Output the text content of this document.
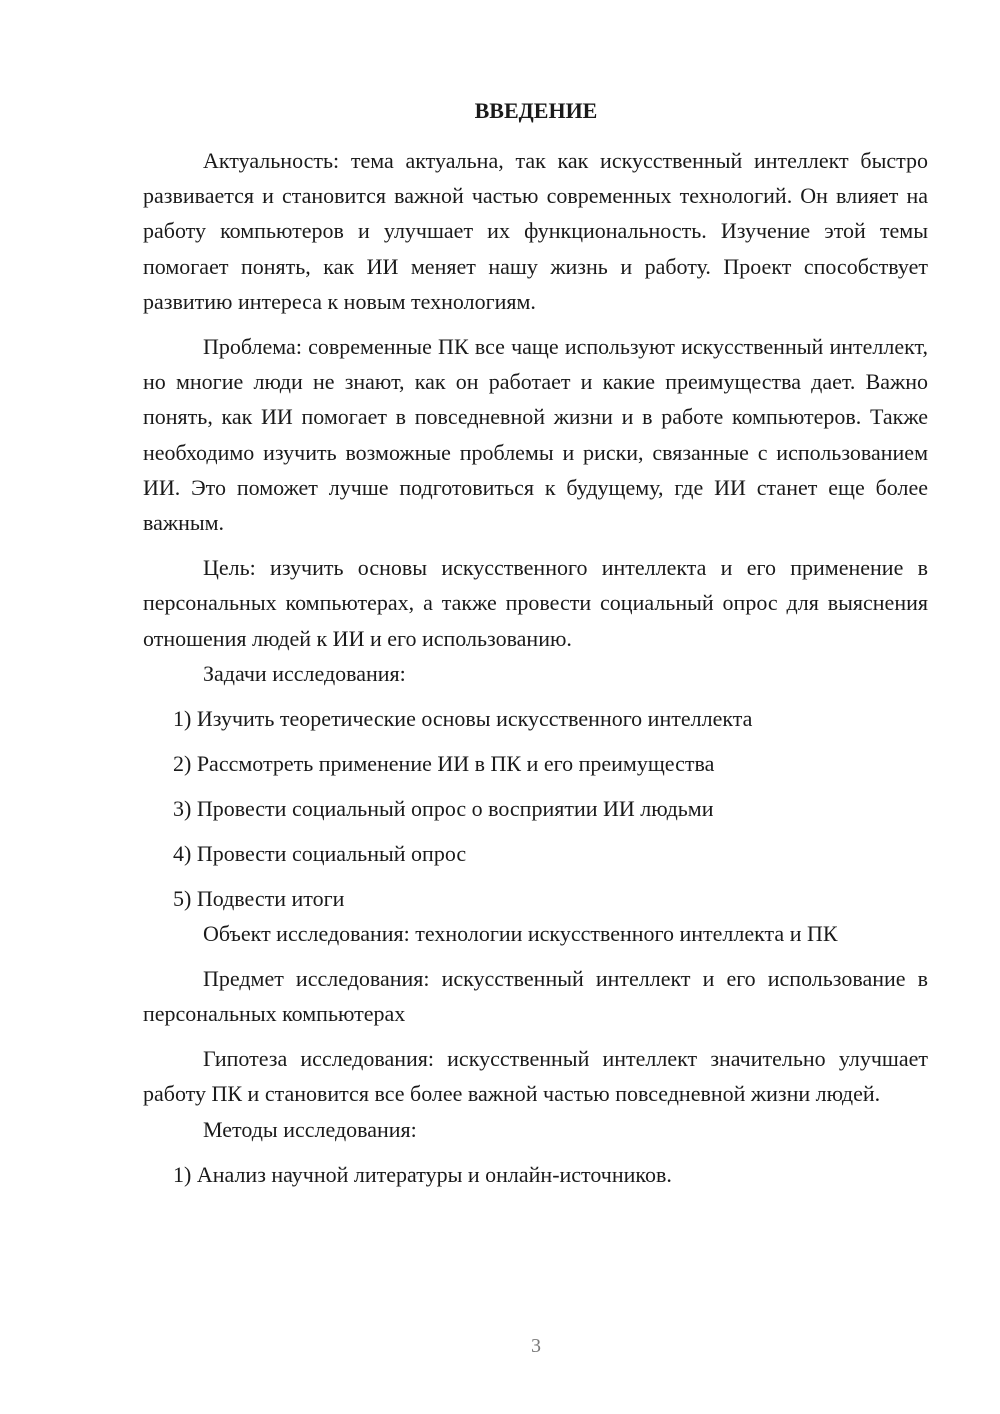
ВВЕДЕНИЕ

Актуальность: тема актуальна, так как искусственный интеллект быстро развивается и становится важной частью современных технологий. Он влияет на работу компьютеров и улучшает их функциональность. Изучение этой темы помогает понять, как ИИ меняет нашу жизнь и работу. Проект способствует развитию интереса к новым технологиям.

Проблема: современные ПК все чаще используют искусственный интеллект, но многие люди не знают, как он работает и какие преимущества дает. Важно понять, как ИИ помогает в повседневной жизни и в работе компьютеров. Также необходимо изучить возможные проблемы и риски, связанные с использованием ИИ. Это поможет лучше подготовиться к будущему, где ИИ станет еще более важным.

Цель: изучить основы искусственного интеллекта и его применение в персональных компьютерах, а также провести социальный опрос для выяснения отношения людей к ИИ и его использованию.

Задачи исследования:

1) Изучить теоретические основы искусственного интеллекта

2) Рассмотреть применение ИИ в ПК и его преимущества

3) Провести социальный опрос о восприятии ИИ людьми

4) Провести социальный опрос

5) Подвести итоги

Объект исследования: технологии искусственного интеллекта и ПК

Предмет исследования: искусственный интеллект и его использование в персональных компьютерах

Гипотеза исследования: искусственный интеллект значительно улучшает работу ПК и становится все более важной частью повседневной жизни людей.

Методы исследования:

1) Анализ научной литературы и онлайн-источников.

3
